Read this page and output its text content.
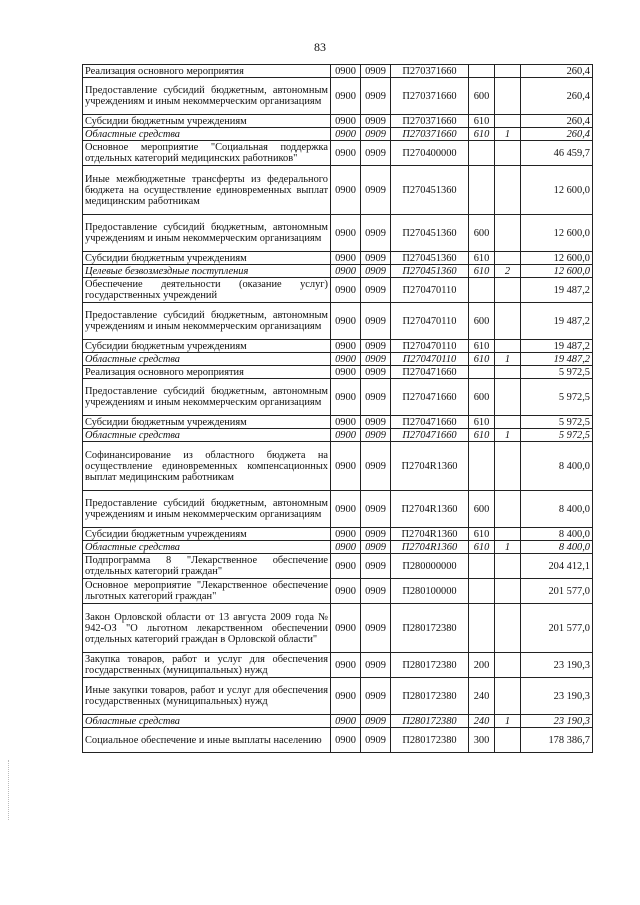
83
Реализация основного мероприятия	0900	0909	П270371660			260,4
Предоставление субсидий бюджетным, автономным учреждениям и иным некоммерческим организациям	0900	0909	П270371660	600		260,4
Субсидии бюджетным учреждениям	0900	0909	П270371660	610		260,4
Областные средства	0900	0909	П270371660	610	1	260,4
Основное мероприятие "Социальная поддержка отдельных категорий медицинских работников"	0900	0909	П270400000			46 459,7
Иные межбюджетные трансферты из федерального бюджета на осуществление единовременных выплат медицинским работникам	0900	0909	П270451360			12 600,0
Предоставление субсидий бюджетным, автономным учреждениям и иным некоммерческим организациям	0900	0909	П270451360	600		12 600,0
Субсидии бюджетным учреждениям	0900	0909	П270451360	610		12 600,0
Целевые безвозмездные поступления	0900	0909	П270451360	610	2	12 600,0
Обеспечение деятельности (оказание услуг) государственных учреждений	0900	0909	П270470110			19 487,2
Предоставление субсидий бюджетным, автономным учреждениям и иным некоммерческим организациям	0900	0909	П270470110	600		19 487,2
Субсидии бюджетным учреждениям	0900	0909	П270470110	610		19 487,2
Областные средства	0900	0909	П270470110	610	1	19 487,2
Реализация основного мероприятия	0900	0909	П270471660			5 972,5
Предоставление субсидий бюджетным, автономным учреждениям и иным некоммерческим организациям	0900	0909	П270471660	600		5 972,5
Субсидии бюджетным учреждениям	0900	0909	П270471660	610		5 972,5
Областные средства	0900	0909	П270471660	610	1	5 972,5
Софинансирование из областного бюджета на осуществление единовременных компенсационных выплат медицинским работникам	0900	0909	П2704R1360			8 400,0
Предоставление субсидий бюджетным, автономным учреждениям и иным некоммерческим организациям	0900	0909	П2704R1360	600		8 400,0
Субсидии бюджетным учреждениям	0900	0909	П2704R1360	610		8 400,0
Областные средства	0900	0909	П2704R1360	610	1	8 400,0
Подпрограмма 8 "Лекарственное обеспечение отдельных категорий граждан"	0900	0909	П280000000			204 412,1
Основное мероприятие "Лекарственное обеспечение льготных категорий граждан"	0900	0909	П280100000			201 577,0
Закон Орловской области от 13 августа 2009 года № 942-ОЗ "О льготном лекарственном обеспечении отдельных категорий граждан в Орловской области"	0900	0909	П280172380			201 577,0
Закупка товаров, работ и услуг для обеспечения государственных (муниципальных) нужд	0900	0909	П280172380	200		23 190,3
Иные закупки товаров, работ и услуг для обеспечения государственных (муниципальных) нужд	0900	0909	П280172380	240		23 190,3
Областные средства	0900	0909	П280172380	240	1	23 190,3
Социальное обеспечение и иные выплаты населению	0900	0909	П280172380	300		178 386,7
